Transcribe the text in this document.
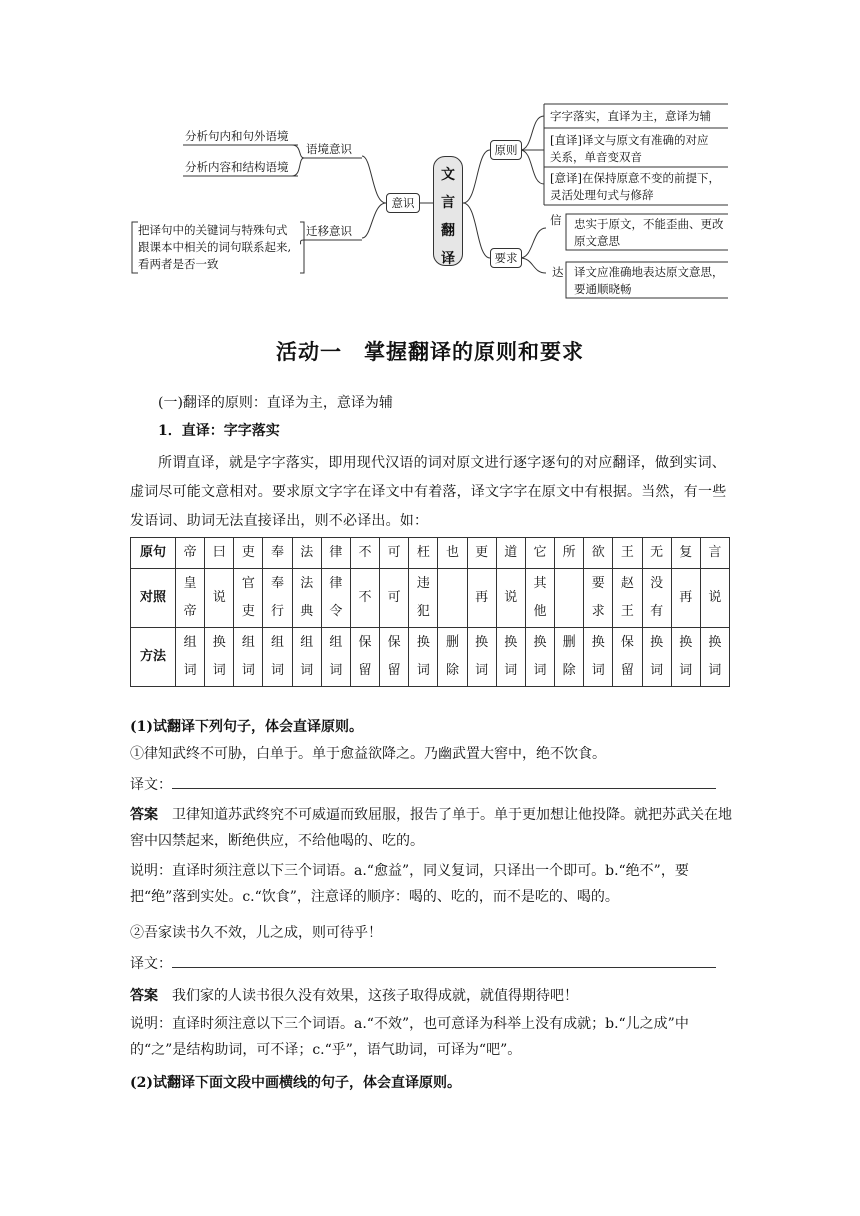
文言翻译
意识
语境意识
分析句内和句外语境
分析内容和结构语境
迁移意识
把译句中的关键词与特殊句式
跟课本中相关的词句联系起来,
看两者是否一致
原则
字字落实，直译为主，意译为辅
[直译]译文与原文有准确的对应
关系，单音变双音
[意译]在保持原意不变的前提下，
灵活处理句式与修辞
要求
信 忠实于原文，不能歪曲、更改
原文意思
达 译文应准确地表达原文意思，
要通顺晓畅
活动一　掌握翻译的原则和要求

(一)翻译的原则：直译为主，意译为辅

1．直译：字字落实

所谓直译，就是字字落实，即用现代汉语的词对原文进行逐字逐句的对应翻译，做到实词、虚词尽可能文意相对。要求原文字字在译文中有着落，译文字字在原文中有根据。当然，有一些发语词、助词无法直接译出，则不必译出。如：

原句	帝	曰	吏	奉	法	律	不	可	枉	也	更	道	它	所	欲	王	无	复	言
对照	皇帝	说	官吏	奉行	法典	律令	不	可	违犯		再	说	其他		要求	赵王	没有	再	说
方法	组词	换词	组词	组词	组词	组词	保留	保留	换词	删除	换词	换词	换词	删除	换词	保留	换词	换词	换词

(1)试翻译下列句子，体会直译原则。

①律知武终不可胁，白单于。单于愈益欲降之。乃幽武置大窖中，绝不饮食。

译文：

答案　 卫律知道苏武终究不可威逼而致屈服，报告了单于。单于更加想让他投降。就把苏武关在地窖中囚禁起来，断绝供应，不给他喝的、吃的。

说明：直译时须注意以下三个词语。a.“愈益”，同义复词，只译出一个即可。b.“绝不”，要把“绝”落到实处。c.“饮食”，注意译的顺序：喝的、吃的，而不是吃的、喝的。

②吾家读书久不效，儿之成，则可待乎！

译文：

答案　 我们家的人读书很久没有效果，这孩子取得成就，就值得期待吧！

说明：直译时须注意以下三个词语。a.“不效”，也可意译为科举上没有成就；b.“儿之成”中的“之”是结构助词，可不译；c.“乎”，语气助词，可译为“吧”。

(2)试翻译下面文段中画横线的句子，体会直译原则。
